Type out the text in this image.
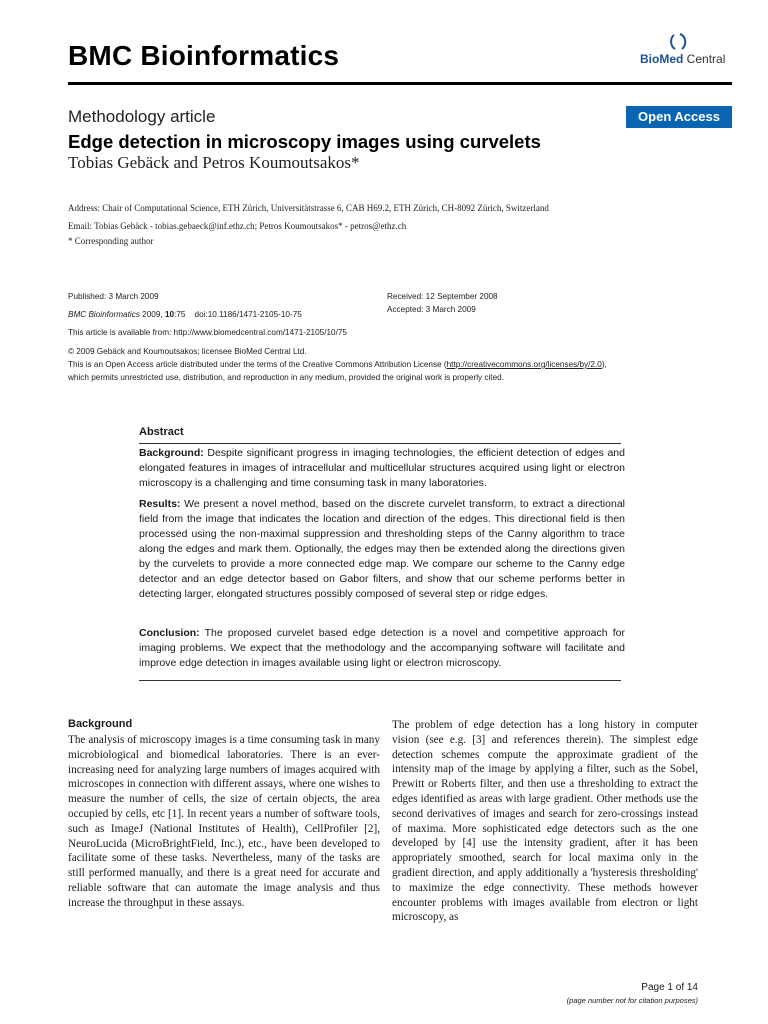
BMC Bioinformatics	BioMed Central
Methodology article	Open Access
Edge detection in microscopy images using curvelets
Tobias Gebäck and Petros Koumoutsakos*
Address: Chair of Computational Science, ETH Zürich, Universitätstrasse 6, CAB H69.2, ETH Zürich, CH-8092 Zürich, Switzerland
Email: Tobias Gebäck - tobias.gebaeck@inf.ethz.ch; Petros Koumoutsakos* - petros@ethz.ch
* Corresponding author
Published: 3 March 2009	Received: 12 September 2008
Accepted: 3 March 2009
BMC Bioinformatics 2009, 10:75    doi:10.1186/1471-2105-10-75
This article is available from: http://www.biomedcentral.com/1471-2105/10/75
© 2009 Gebäck and Koumoutsakos; licensee BioMed Central Ltd.
This is an Open Access article distributed under the terms of the Creative Commons Attribution License (http://creativecommons.org/licenses/by/2.0),
which permits unrestricted use, distribution, and reproduction in any medium, provided the original work is properly cited.
Abstract
Background: Despite significant progress in imaging technologies, the efficient detection of edges and elongated features in images of intracellular and multicellular structures acquired using light or electron microscopy is a challenging and time consuming task in many laboratories.
Results: We present a novel method, based on the discrete curvelet transform, to extract a directional field from the image that indicates the location and direction of the edges. This directional field is then processed using the non-maximal suppression and thresholding steps of the Canny algorithm to trace along the edges and mark them. Optionally, the edges may then be extended along the directions given by the curvelets to provide a more connected edge map. We compare our scheme to the Canny edge detector and an edge detector based on Gabor filters, and show that our scheme performs better in detecting larger, elongated structures possibly composed of several step or ridge edges.
Conclusion: The proposed curvelet based edge detection is a novel and competitive approach for imaging problems. We expect that the methodology and the accompanying software will facilitate and improve edge detection in images available using light or electron microscopy.
Background
The analysis of microscopy images is a time consuming task in many microbiological and biomedical laboratories. There is an ever-increasing need for analyzing large numbers of images acquired with microscopes in connection with different assays, where one wishes to measure the number of cells, the size of certain objects, the area occupied by cells, etc [1]. In recent years a number of software tools, such as ImageJ (National Institutes of Health), CellProfiler [2], NeuroLucida (MicroBrightField, Inc.), etc., have been developed to facilitate some of these tasks. Nevertheless, many of the tasks are still performed manually, and there is a great need for accurate and reliable software that can automate the image analysis and thus increase the throughput in these assays.
The problem of edge detection has a long history in computer vision (see e.g. [3] and references therein). The simplest edge detection schemes compute the approximate gradient of the intensity map of the image by applying a filter, such as the Sobel, Prewitt or Roberts filter, and then use a thresholding to extract the edges identified as areas with large gradient. Other methods use the second derivatives of images and search for zero-crossings instead of maxima. More sophisticated edge detectors such as the one developed by [4] use the intensity gradient, after it has been appropriately smoothed, search for local maxima only in the gradient direction, and apply additionally a 'hysteresis thresholding' to maximize the edge connectivity. These methods however encounter problems with images available from electron or light microscopy, as
Page 1 of 14
(page number not for citation purposes)
